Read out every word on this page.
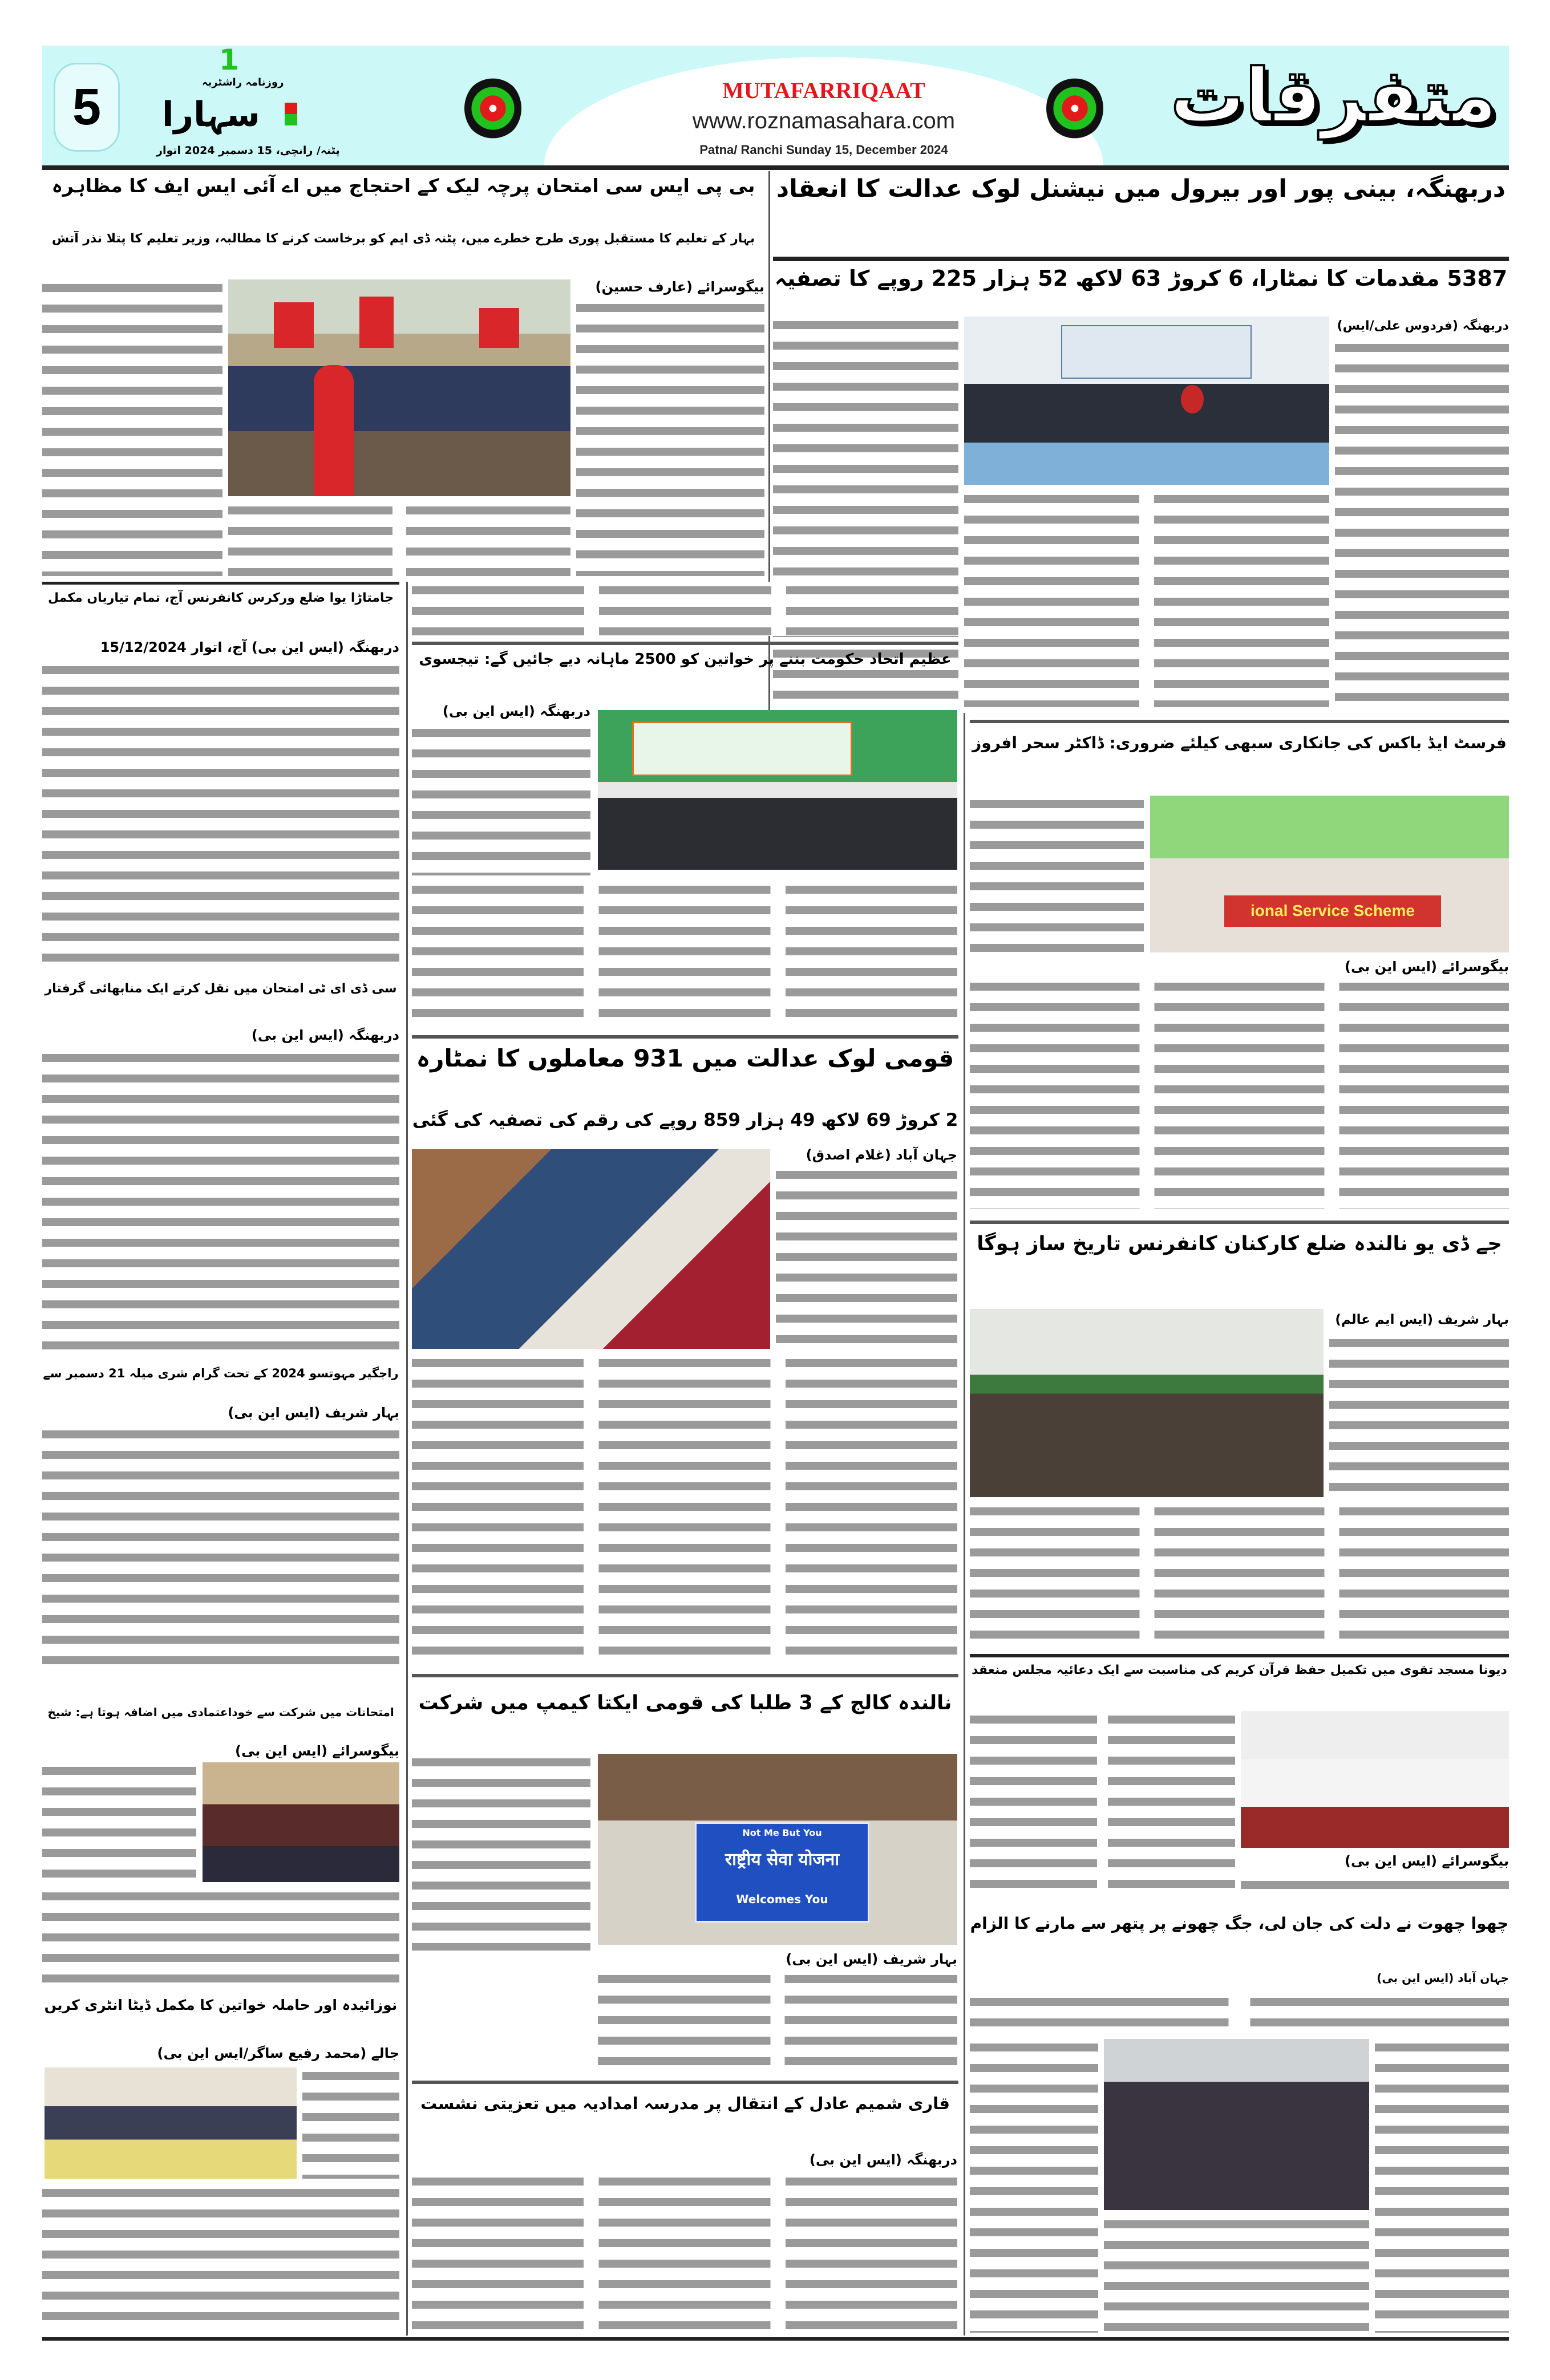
5
1
روزنامہ راشٹریہ
سہارا
پٹنہ/ رانچی، 15 دسمبر 2024 اتوار
MUTAFARRIQAAT
www.roznamasahara.com
Patna/ Ranchi Sunday 15, December 2024
متفرقات
بی پی ایس سی امتحان پرچہ لیک کے احتجاج میں اے آئی ایس ایف کا مظاہرہ
بہار کے تعلیم کا مستقبل پوری طرح خطرے میں، پٹنہ ڈی ایم کو برخاست کرنے کا مطالبہ، وزیر تعلیم کا پتلا نذر آتش
بیگوسرائے (عارف حسین)
دربھنگہ، بینی پور اور بیرول میں نیشنل لوک عدالت کا انعقاد
5387 مقدمات کا نمٹارا، 6 کروڑ 63 لاکھ 52 ہزار 225 روپے کا تصفیہ
دربھنگہ (فردوس علی/ایس)
جامتاڑا یوا ضلع ورکرس کانفرنس آج، تمام تیاریاں مکمل
دربھنگہ (ایس این بی) آج، اتوار 15/12/2024
سی ڈی ای ٹی امتحان میں نقل کرتے ایک منابھائی گرفتار
دربھنگہ (ایس این بی)
راجگیر مہوتسو 2024 کے تحت گرام شری میلہ 21 دسمبر سے
بہار شریف (ایس این بی)
امتحانات میں شرکت سے خوداعتمادی میں اضافہ ہوتا ہے: شیخ
بیگوسرائے (ایس این بی)
نوزائیدہ اور حاملہ خواتین کا مکمل ڈیٹا انٹری کریں
جالے (محمد رفیع ساگر/ایس این بی)
عظیم اتحاد حکومت بننے پر خواتین کو 2500 ماہانہ دیے جائیں گے: تیجسوی
دربھنگہ (ایس این بی)
قومی لوک عدالت میں 931 معاملوں کا نمٹارہ
2 کروڑ 69 لاکھ 49 ہزار 859 روپے کی رقم کی تصفیہ کی گئی
جہان آباد (غلام اصدق)
نالندہ کالج کے 3 طلبا کی قومی ایکتا کیمپ میں شرکت
Not Me But You
राष्ट्रीय सेवा योजना
Welcomes You
بہار شریف (ایس این بی)
قاری شمیم عادل کے انتقال پر مدرسہ امدادیہ میں تعزیتی نشست
دربھنگہ (ایس این بی)
فرسٹ ایڈ باکس کی جانکاری سبھی کیلئے ضروری: ڈاکٹر سحر افروز
ional Service Scheme
بیگوسرائے (ایس این بی)
جے ڈی یو نالندہ ضلع کارکنان کانفرنس تاریخ ساز ہوگا
بہار شریف (ایس ایم عالم)
دیونا مسجد تقوی میں تکمیل حفظ قرآن کریم کی مناسبت سے ایک دعائیہ مجلس منعقد
بیگوسرائے (ایس این بی)
چھوا چھوت نے دلت کی جان لی، جگ چھونے پر پتھر سے مارنے کا الزام
جہان آباد (ایس این بی)
